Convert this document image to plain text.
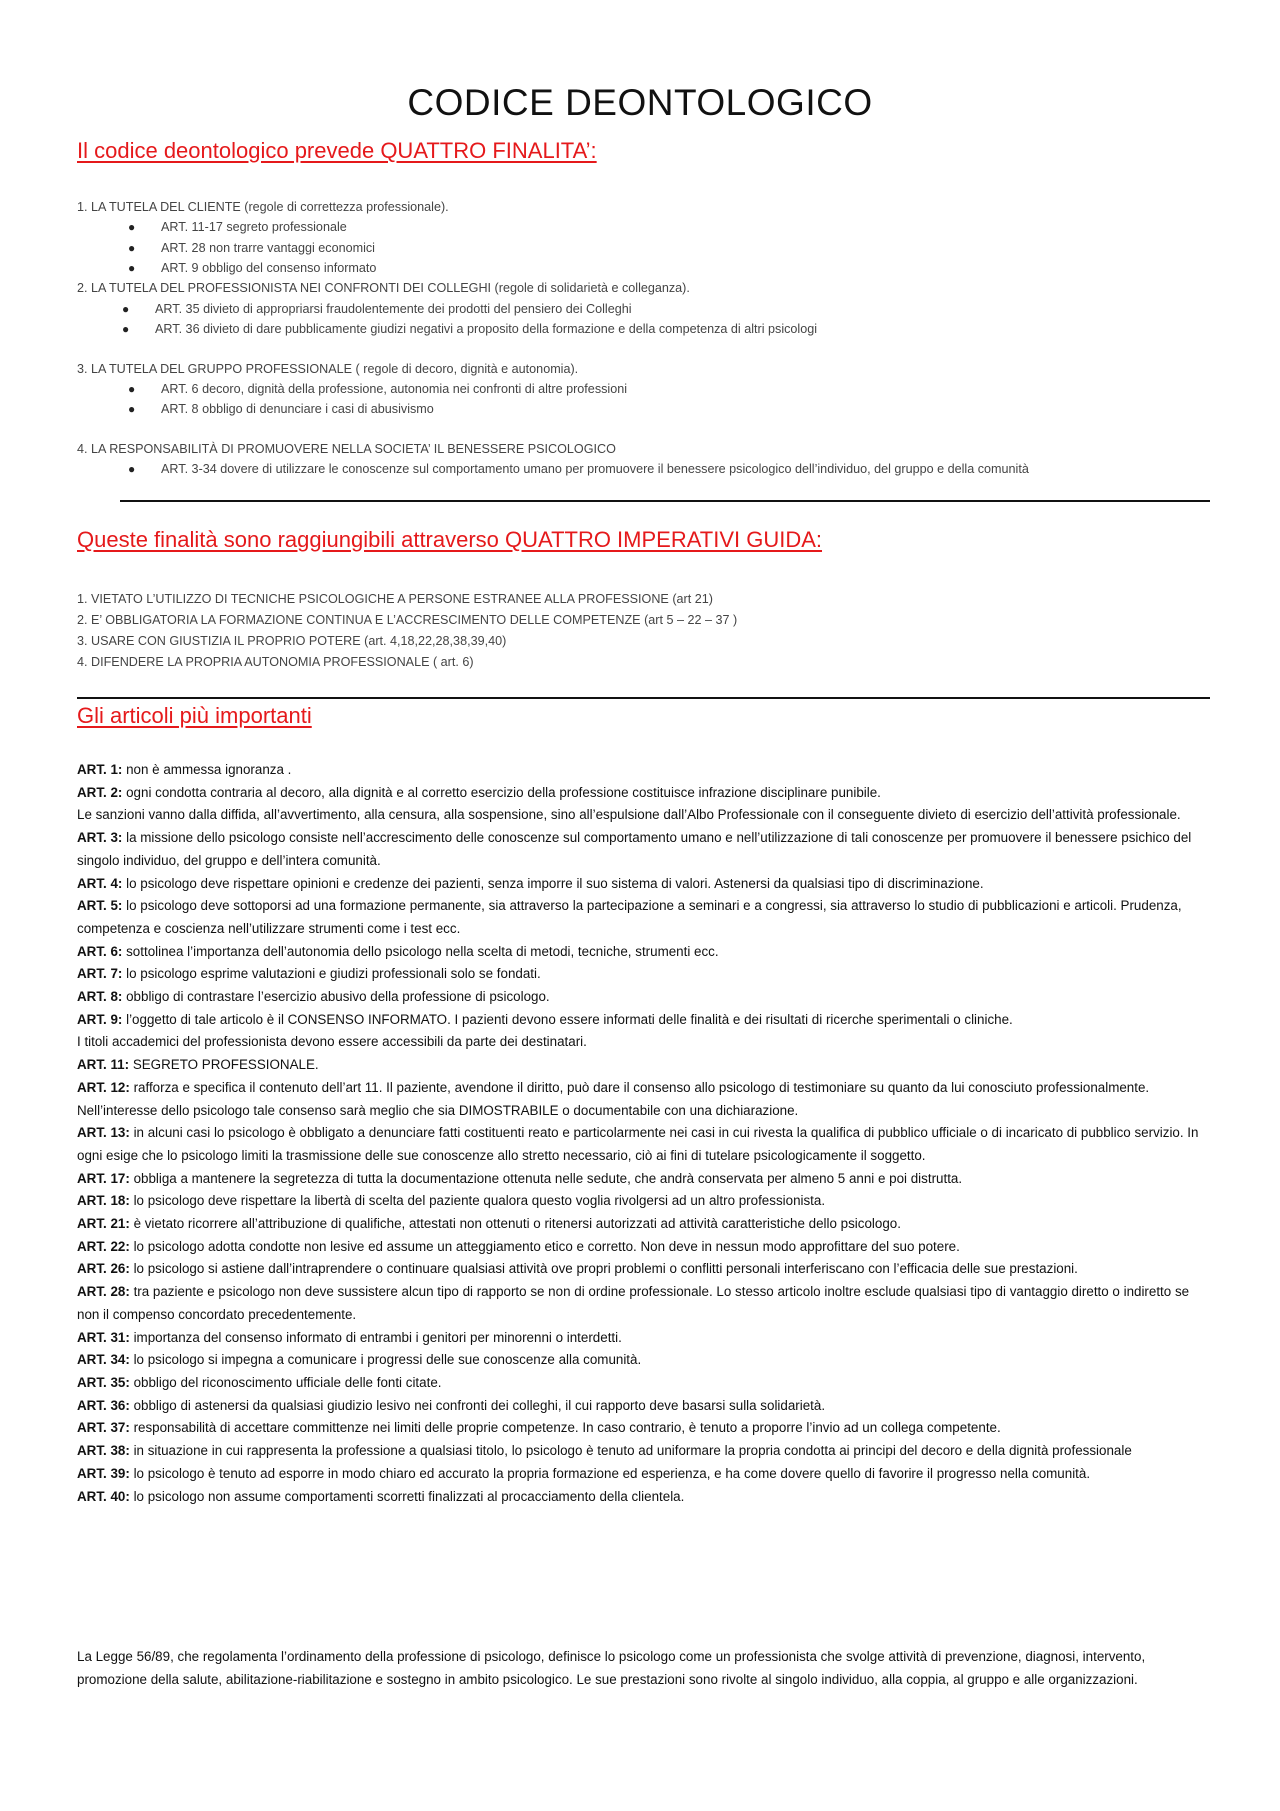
CODICE DEONTOLOGICO
Il codice deontologico prevede QUATTRO FINALITA’:
1. LA TUTELA DEL CLIENTE (regole di correttezza professionale).
● ART. 11-17 segreto professionale
● ART. 28 non trarre vantaggi economici
● ART. 9 obbligo del consenso informato
2. LA TUTELA DEL PROFESSIONISTA NEI CONFRONTI DEI COLLEGHI (regole di solidarietà e colleganza).
● ART. 35 divieto di appropriarsi fraudolentemente dei prodotti del pensiero dei Colleghi
● ART. 36 divieto di dare pubblicamente giudizi negativi a proposito della formazione e della competenza di altri psicologi
3. LA TUTELA DEL GRUPPO PROFESSIONALE ( regole di decoro, dignità e autonomia).
● ART. 6 decoro, dignità della professione, autonomia nei confronti di altre professioni
● ART. 8 obbligo di denunciare i casi di abusivismo
4. LA RESPONSABILITÀ DI PROMUOVERE NELLA SOCIETA’ IL BENESSERE PSICOLOGICO
● ART. 3-34 dovere di utilizzare le conoscenze sul comportamento umano per promuovere il benessere psicologico dell’individuo, del gruppo e della comunità
Queste finalità sono raggiungibili attraverso QUATTRO IMPERATIVI GUIDA:
1. VIETATO L’UTILIZZO DI TECNICHE PSICOLOGICHE A PERSONE ESTRANEE ALLA PROFESSIONE (art 21)
2. E’ OBBLIGATORIA LA FORMAZIONE CONTINUA E L’ACCRESCIMENTO DELLE COMPETENZE (art 5 – 22 – 37 )
3. USARE CON GIUSTIZIA IL PROPRIO POTERE (art. 4,18,22,28,38,39,40)
4. DIFENDERE LA PROPRIA AUTONOMIA PROFESSIONALE ( art. 6)
Gli articoli più importanti

ART. 1: non è ammessa ignoranza .

ART. 2: ogni condotta contraria al decoro, alla dignità e al corretto esercizio della professione costituisce infrazione disciplinare punibile.

Le sanzioni vanno dalla diffida, all’avvertimento, alla censura, alla sospensione, sino all’espulsione dall’Albo Professionale con il conseguente divieto di esercizio dell’attività professionale.

ART. 3: la missione dello psicologo consiste nell’accrescimento delle conoscenze sul comportamento umano e nell’utilizzazione di tali conoscenze per promuovere il benessere psichico del singolo individuo, del gruppo e dell’intera comunità.

ART. 4: lo psicologo deve rispettare opinioni e credenze dei pazienti, senza imporre il suo sistema di valori. Astenersi da qualsiasi tipo di discriminazione.

ART. 5: lo psicologo deve sottoporsi ad una formazione permanente, sia attraverso la partecipazione a seminari e a congressi, sia attraverso lo studio di pubblicazioni e articoli. Prudenza, competenza e coscienza nell’utilizzare strumenti come i test ecc.

ART. 6: sottolinea l’importanza dell’autonomia dello psicologo nella scelta di metodi, tecniche, strumenti ecc.

ART. 7: lo psicologo esprime valutazioni e giudizi professionali solo se fondati.

ART. 8: obbligo di contrastare l’esercizio abusivo della professione di psicologo.

ART. 9: l’oggetto di tale articolo è il CONSENSO INFORMATO. I pazienti devono essere informati delle finalità e dei risultati di ricerche sperimentali o cliniche.

I titoli accademici del professionista devono essere accessibili da parte dei destinatari.

ART. 11: SEGRETO PROFESSIONALE.

ART. 12: rafforza e specifica il contenuto dell’art 11. Il paziente, avendone il diritto, può dare il consenso allo psicologo di testimoniare su quanto da lui conosciuto professionalmente. Nell’interesse dello psicologo tale consenso sarà meglio che sia DIMOSTRABILE o documentabile con una dichiarazione.

ART. 13: in alcuni casi lo psicologo è obbligato a denunciare fatti costituenti reato e particolarmente nei casi in cui rivesta la qualifica di pubblico ufficiale o di incaricato di pubblico servizio. In ogni esige che lo psicologo limiti la trasmissione delle sue conoscenze allo stretto necessario, ciò ai fini di tutelare psicologicamente il soggetto.

ART. 17: obbliga a mantenere la segretezza di tutta la documentazione ottenuta nelle sedute, che andrà conservata per almeno 5 anni e poi distrutta.

ART. 18: lo psicologo deve rispettare la libertà di scelta del paziente qualora questo voglia rivolgersi ad un altro professionista.

ART. 21: è vietato ricorrere all’attribuzione di qualifiche, attestati non ottenuti o ritenersi autorizzati ad attività caratteristiche dello psicologo.

ART. 22: lo psicologo adotta condotte non lesive ed assume un atteggiamento etico e corretto. Non deve in nessun modo approfittare del suo potere.

ART. 26: lo psicologo si astiene dall’intraprendere o continuare qualsiasi attività ove propri problemi o conflitti personali interferiscano con l’efficacia delle sue prestazioni.

ART. 28: tra paziente e psicologo non deve sussistere alcun tipo di rapporto se non di ordine professionale. Lo stesso articolo inoltre esclude qualsiasi tipo di vantaggio diretto o indiretto se non il compenso concordato precedentemente.

ART. 31: importanza del consenso informato di entrambi i genitori per minorenni o interdetti.

ART. 34: lo psicologo si impegna a comunicare i progressi delle sue conoscenze alla comunità.

ART. 35: obbligo del riconoscimento ufficiale delle fonti citate.

ART. 36: obbligo di astenersi da qualsiasi giudizio lesivo nei confronti dei colleghi, il cui rapporto deve basarsi sulla solidarietà.

ART. 37: responsabilità di accettare committenze nei limiti delle proprie competenze. In caso contrario, è tenuto a proporre l’invio ad un collega competente.

ART. 38: in situazione in cui rappresenta la professione a qualsiasi titolo, lo psicologo è tenuto ad uniformare la propria condotta ai principi del decoro e della dignità professionale

ART. 39: lo psicologo è tenuto ad esporre in modo chiaro ed accurato la propria formazione ed esperienza, e ha come dovere quello di favorire il progresso nella comunità.

ART. 40: lo psicologo non assume comportamenti scorretti finalizzati al procacciamento della clientela.

La Legge 56/89, che regolamenta l’ordinamento della professione di psicologo, definisce lo psicologo come un professionista che svolge attività di prevenzione, diagnosi, intervento, promozione della salute, abilitazione-riabilitazione e sostegno in ambito psicologico. Le sue prestazioni sono rivolte al singolo individuo, alla coppia, al gruppo e alle organizzazioni.
